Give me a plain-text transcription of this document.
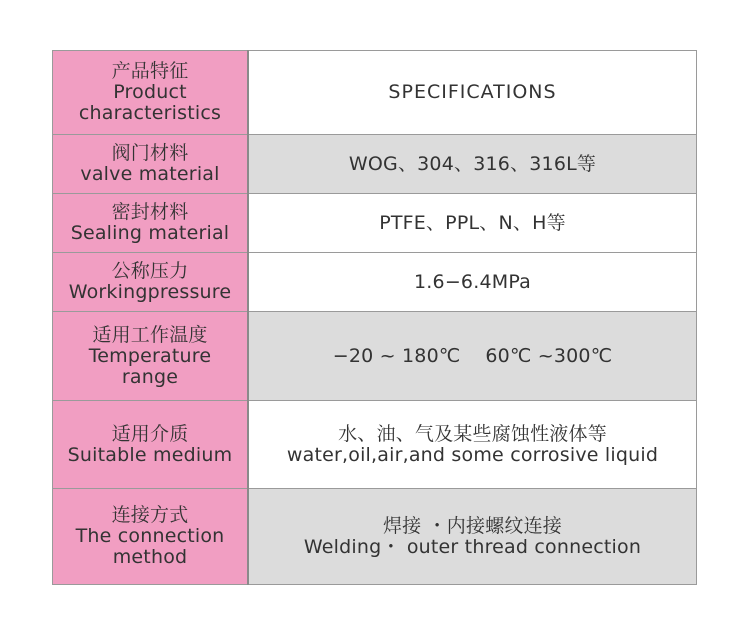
产品特征
Product
characteristics	SPECIFICATIONS

阀门材料
valve material	WOG、304、316、316L等

密封材料
Sealing material	PTFE、PPL、N、H等

公称压力
Workingpressure	1.6−6.4MPa

适用工作温度
Temperature
range	−20 ~ 180℃    60℃ ~300℃

适用介质
Suitable medium	水、油、气及某些腐蚀性液体等
water,oil,air,and some corrosive liquid

连接方式
The connection
method	焊接 ・内接螺纹连接
Welding・ outer thread connection
